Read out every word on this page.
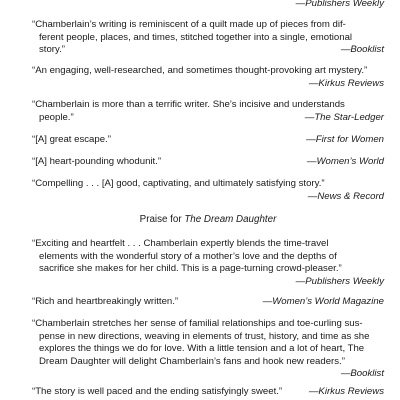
—Publishers Weekly
“Chamberlain’s writing is reminiscent of a quilt made up of pieces from dif-
ferent people, places, and times, stitched together into a single, emotional
story.”	—Booklist
“An engaging, well-researched, and sometimes thought-provoking art mystery.”
—Kirkus Reviews
“Chamberlain is more than a terrific writer. She’s incisive and understands
people.”	—The Star-Ledger
“[A] great escape.”	—First for Women
“[A] heart-pounding whodunit.”	—Women’s World
“Compelling . . . [A] good, captivating, and ultimately satisfying story.”
—News & Record
Praise for The Dream Daughter
“Exciting and heartfelt . . . Chamberlain expertly blends the time-travel
elements with the wonderful story of a mother’s love and the depths of
sacrifice she makes for her child. This is a page-turning crowd-pleaser.”
—Publishers Weekly
“Rich and heartbreakingly written.”	—Women’s World Magazine
“Chamberlain stretches her sense of familial relationships and toe-curling sus-
pense in new directions, weaving in elements of trust, history, and time as she
explores the things we do for love. With a little tension and a lot of heart, The
Dream Daughter will delight Chamberlain’s fans and hook new readers.”
—Booklist
“The story is well paced and the ending satisfyingly sweet.”	—Kirkus Reviews
